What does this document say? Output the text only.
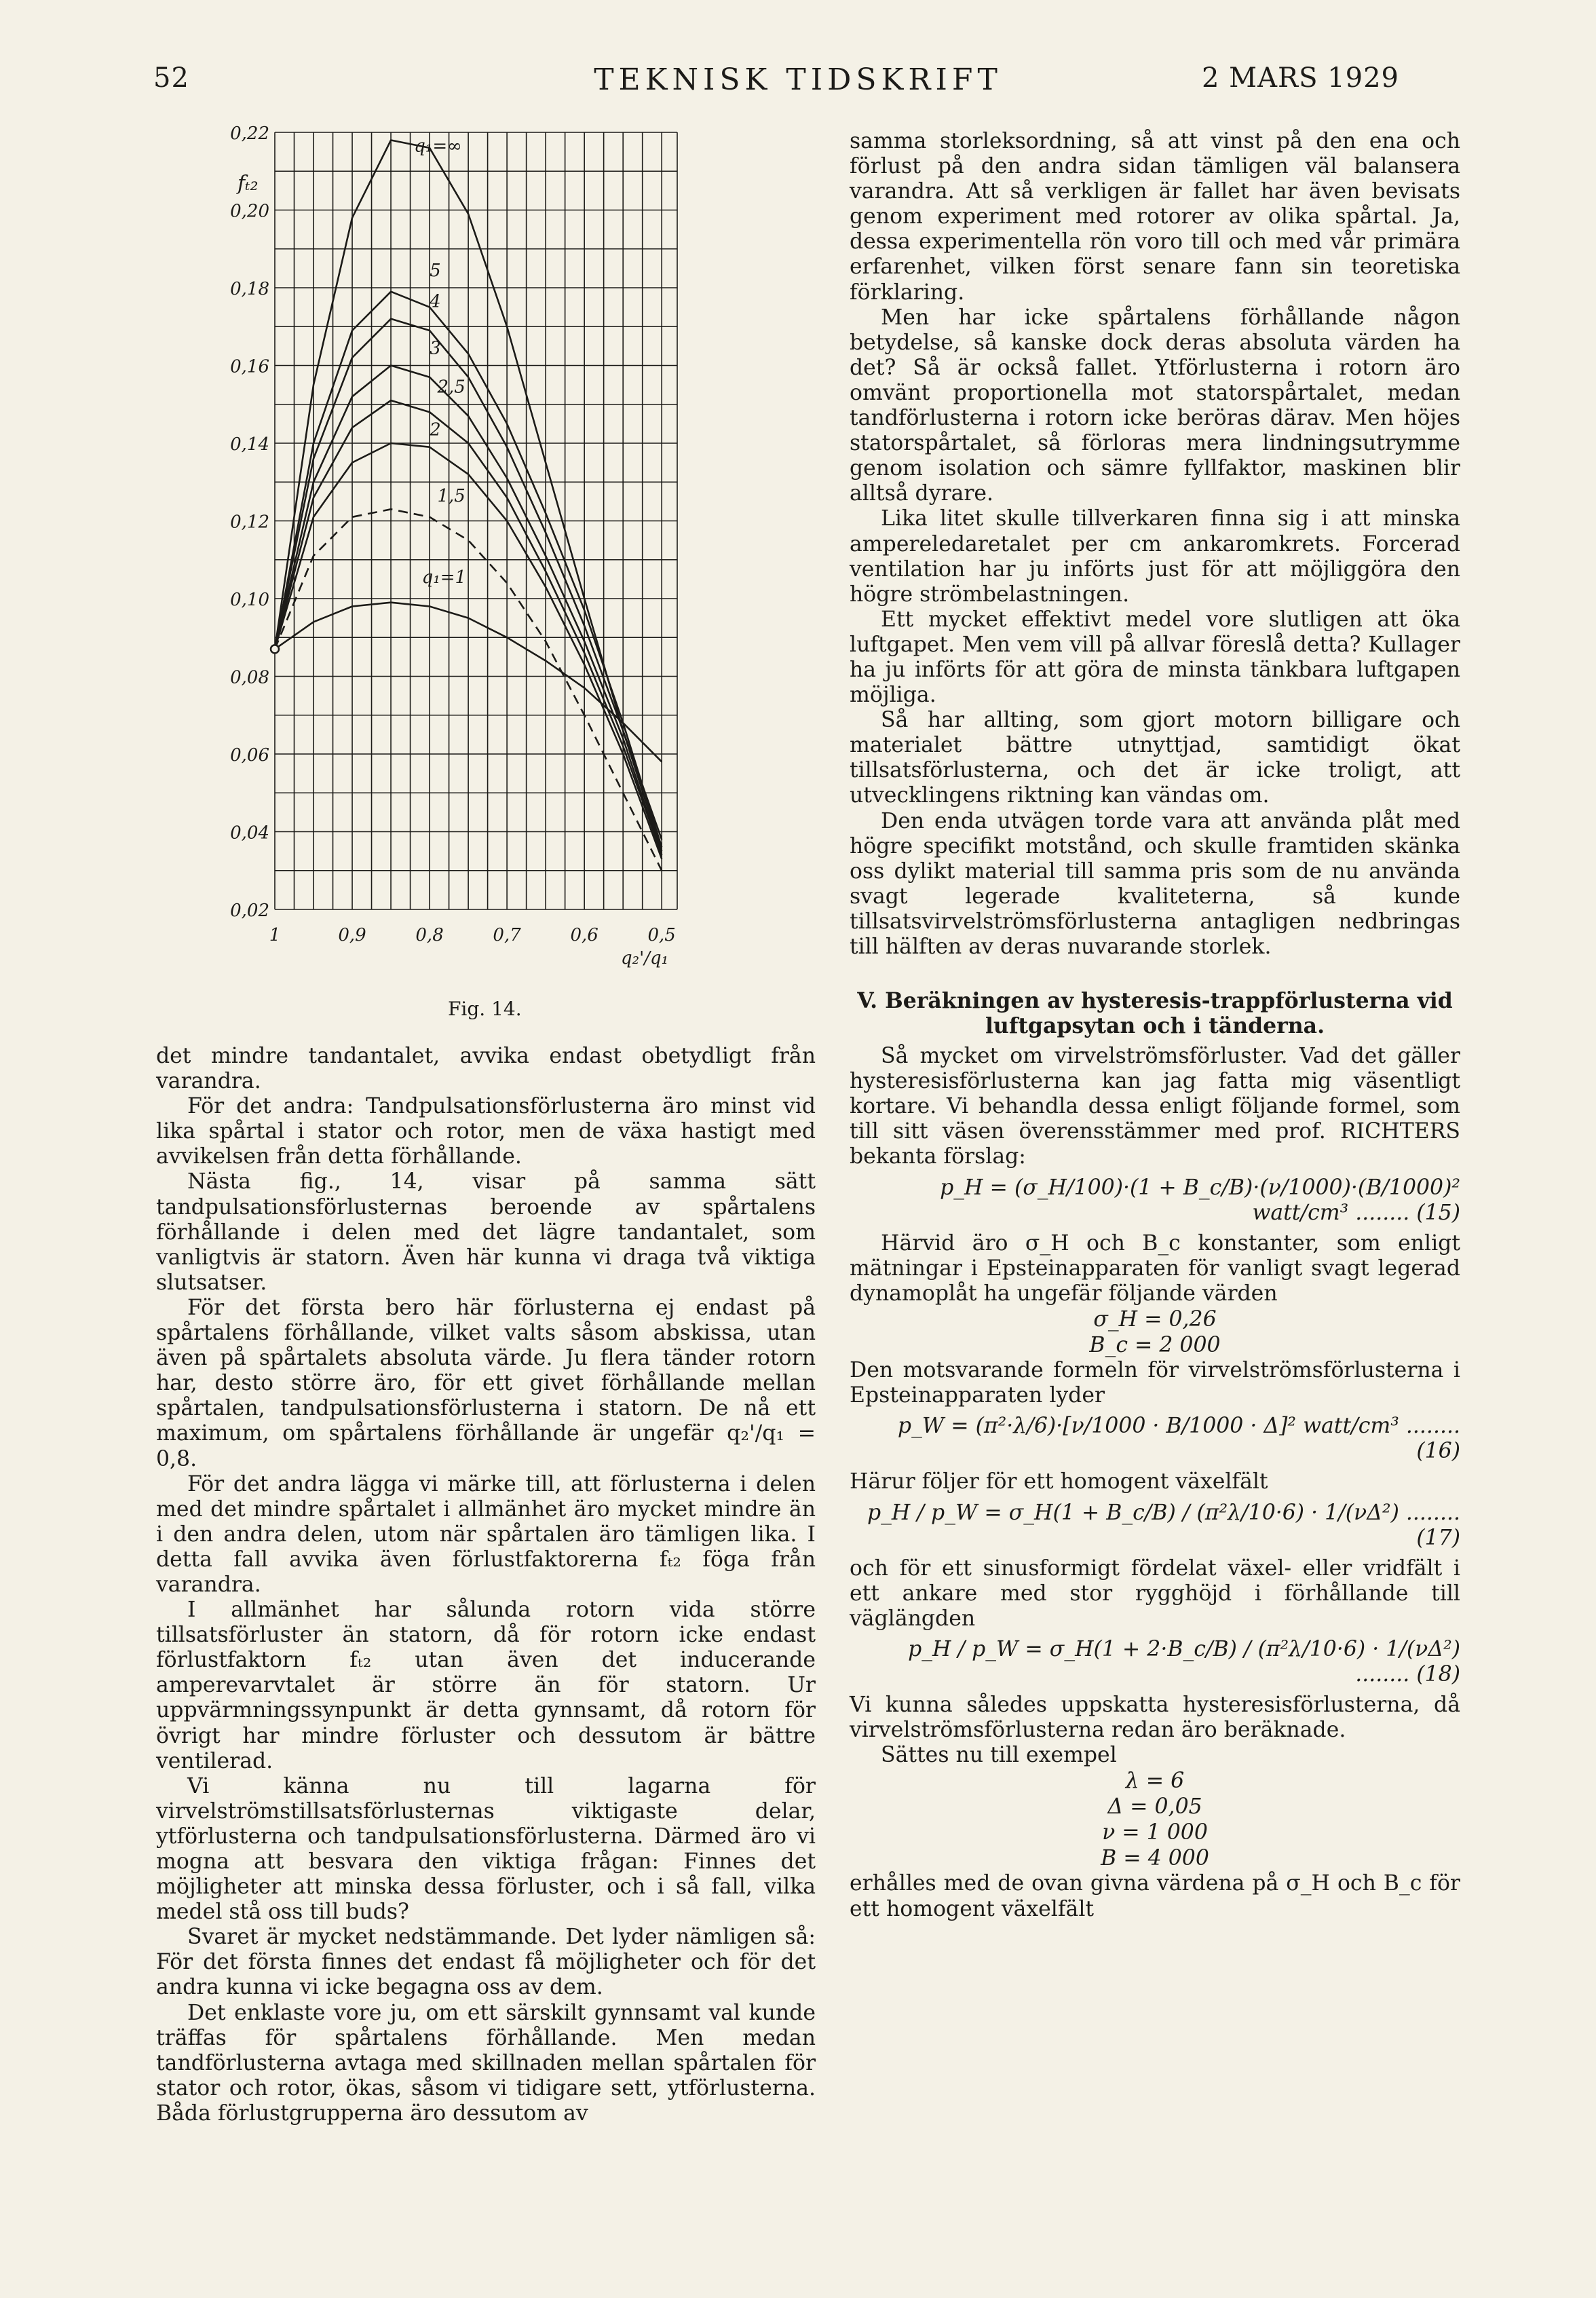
52	TEKNISK TIDSKRIFT	2 MARS 1929
0,22
0,20
0,18
0,16
0,14
0,12
0,10
0,08
0,06
0,04
0,02
1	0,9	0,8	0,7	0,6	0,5
q₁=∞
5
4
3
2,5
2
1,5
q₁=1
fₜ₂
q₂'/q₁
Fig. 14.

det mindre tandantalet, avvika endast obetydligt från varandra.

För det andra: Tandpulsationsförlusterna äro minst vid lika spårtal i stator och rotor, men de växa hastigt med avvikelsen från detta förhållande.

Nästa fig., 14, visar på samma sätt tandpulsationsförlusternas beroende av spårtalens förhållande i delen med det lägre tandantalet, som vanligtvis är statorn. Även här kunna vi draga två viktiga slutsatser.

För det första bero här förlusterna ej endast på spårtalens förhållande, vilket valts såsom abskissa, utan även på spårtalets absoluta värde. Ju flera tänder rotorn har, desto större äro, för ett givet förhållande mellan spårtalen, tandpulsationsförlusterna i statorn. De nå ett maximum, om spårtalens förhållande är ungefär q₂'/q₁ = 0,8.

För det andra lägga vi märke till, att förlusterna i delen med det mindre spårtalet i allmänhet äro mycket mindre än i den andra delen, utom när spårtalen äro tämligen lika. I detta fall avvika även förlustfaktorerna fₜ₂ föga från varandra.

I allmänhet har sålunda rotorn vida större tillsatsförluster än statorn, då för rotorn icke endast förlustfaktorn fₜ₂ utan även det inducerande amperevarvtalet är större än för statorn. Ur uppvärmningssynpunkt är detta gynnsamt, då rotorn för övrigt har mindre förluster och dessutom är bättre ventilerad.

Vi känna nu till lagarna för virvelströmstillsatsförlusternas viktigaste delar, ytförlusterna och tandpulsationsförlusterna. Därmed äro vi mogna att besvara den viktiga frågan: Finnes det möjligheter att minska dessa förluster, och i så fall, vilka medel stå oss till buds?

Svaret är mycket nedstämmande. Det lyder nämligen så: För det första finnes det endast få möjligheter och för det andra kunna vi icke begagna oss av dem.

Det enklaste vore ju, om ett särskilt gynnsamt val kunde träffas för spårtalens förhållande. Men medan tandförlusterna avtaga med skillnaden mellan spårtalen för stator och rotor, ökas, såsom vi tidigare sett, ytförlusterna. Båda förlustgrupperna äro dessutom av

samma storleksordning, så att vinst på den ena och förlust på den andra sidan tämligen väl balansera varandra. Att så verkligen är fallet har även bevisats genom experiment med rotorer av olika spårtal. Ja, dessa experimentella rön voro till och med vår primära erfarenhet, vilken först senare fann sin teoretiska förklaring.

Men har icke spårtalens förhållande någon betydelse, så kanske dock deras absoluta värden ha det? Så är också fallet. Ytförlusterna i rotorn äro omvänt proportionella mot statorspårtalet, medan tandförlusterna i rotorn icke beröras därav. Men höjes statorspårtalet, så förloras mera lindningsutrymme genom isolation och sämre fyllfaktor, maskinen blir alltså dyrare.

Lika litet skulle tillverkaren finna sig i att minska ampereledaretalet per cm ankaromkrets. Forcerad ventilation har ju införts just för att möjliggöra den högre strömbelastningen.

Ett mycket effektivt medel vore slutligen att öka luftgapet. Men vem vill på allvar föreslå detta? Kullager ha ju införts för att göra de minsta tänkbara luftgapen möjliga.

Så har allting, som gjort motorn billigare och materialet bättre utnyttjad, samtidigt ökat tillsatsförlusterna, och det är icke troligt, att utvecklingens riktning kan vändas om.

Den enda utvägen torde vara att använda plåt med högre specifikt motstånd, och skulle framtiden skänka oss dylikt material till samma pris som de nu använda svagt legerade kvaliteterna, så kunde tillsatsvirvelströmsförlusterna antagligen nedbringas till hälften av deras nuvarande storlek.

V. Beräkningen av hysteresis-trappförlusterna vid luftgapsytan och i tänderna.

Så mycket om virvelströmsförluster. Vad det gäller hysteresisförlusterna kan jag fatta mig väsentligt kortare. Vi behandla dessa enligt följande formel, som till sitt väsen överensstämmer med prof. RICHTERS bekanta förslag:

p_H = (σ_H/100)·(1 + B_c/B)·(ν/1000)·(B/1000)² watt/cm³ ........ (15)

Härvid äro σ_H och B_c konstanter, som enligt mätningar i Epsteinapparaten för vanligt svagt legerad dynamoplåt ha ungefär följande värden

σ_H = 0,26

B_c = 2 000

Den motsvarande formeln för virvelströmsförlusterna i Epsteinapparaten lyder

p_W = (π²·λ/6)·[ν/1000 · B/1000 · Δ]² watt/cm³ ........ (16)

Härur följer för ett homogent växelfält

p_H / p_W = σ_H(1 + B_c/B) / (π²λ/10·6) · 1/(νΔ²) ........ (17)

och för ett sinusformigt fördelat växel- eller vridfält i ett ankare med stor rygghöjd i förhållande till väglängden

p_H / p_W = σ_H(1 + 2·B_c/B) / (π²λ/10·6) · 1/(νΔ²) ........ (18)

Vi kunna således uppskatta hysteresisförlusterna, då virvelströmsförlusterna redan äro beräknade.

Sättes nu till exempel

λ = 6

Δ = 0,05

ν = 1 000

B = 4 000

erhålles med de ovan givna värdena på σ_H och B_c för ett homogent växelfält
